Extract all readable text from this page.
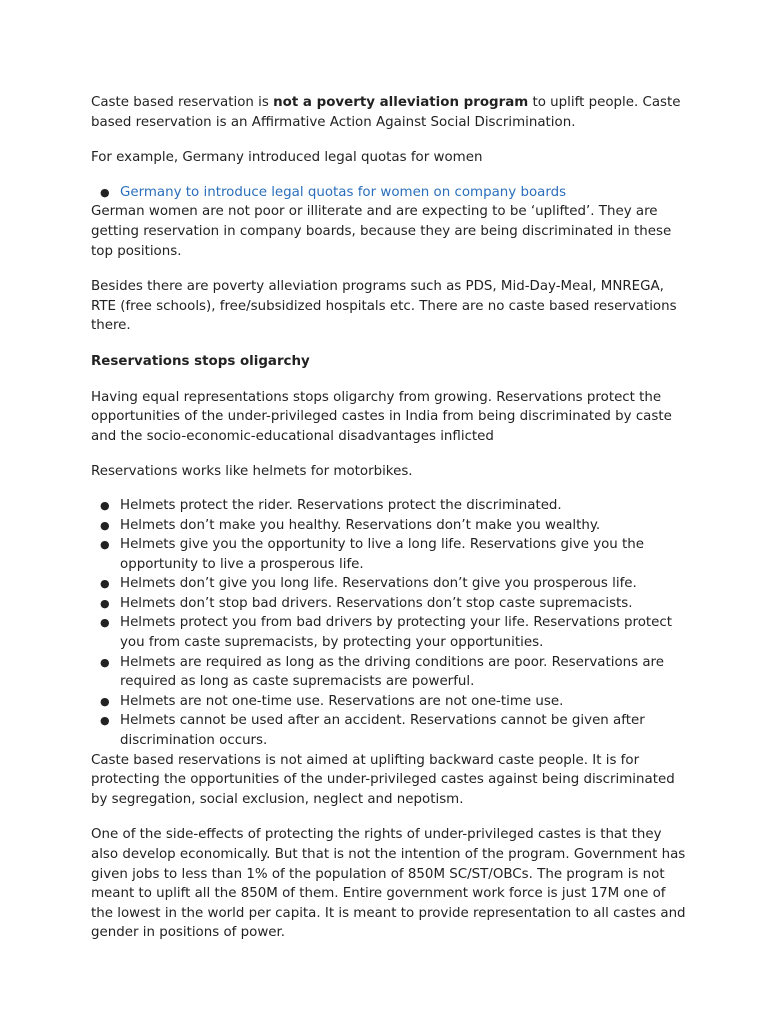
Caste based reservation is not a poverty alleviation program to uplift people. Caste based reservation is an Affirmative Action Against Social Discrimination.

For example, Germany introduced legal quotas for women

● Germany to introduce legal quotas for women on company boards

German women are not poor or illiterate and are expecting to be ‘uplifted’. They are getting reservation in company boards, because they are being discriminated in these top positions.

Besides there are poverty alleviation programs such as PDS, Mid-Day-Meal, MNREGA, RTE (free schools), free/subsidized hospitals etc. There are no caste based reservations there.

Reservations stops oligarchy

Having equal representations stops oligarchy from growing. Reservations protect the opportunities of the under-privileged castes in India from being discriminated by caste and the socio-economic-educational disadvantages inflicted

Reservations works like helmets for motorbikes.

● Helmets protect the rider. Reservations protect the discriminated.
● Helmets don’t make you healthy. Reservations don’t make you wealthy.
● Helmets give you the opportunity to live a long life. Reservations give you the opportunity to live a prosperous life.
● Helmets don’t give you long life. Reservations don’t give you prosperous life.
● Helmets don’t stop bad drivers. Reservations don’t stop caste supremacists.
● Helmets protect you from bad drivers by protecting your life. Reservations protect you from caste supremacists, by protecting your opportunities.
● Helmets are required as long as the driving conditions are poor. Reservations are required as long as caste supremacists are powerful.
● Helmets are not one-time use. Reservations are not one-time use.
● Helmets cannot be used after an accident. Reservations cannot be given after discrimination occurs.

Caste based reservations is not aimed at uplifting backward caste people. It is for protecting the opportunities of the under-privileged castes against being discriminated by segregation, social exclusion, neglect and nepotism.

One of the side-effects of protecting the rights of under-privileged castes is that they also develop economically. But that is not the intention of the program. Government has given jobs to less than 1% of the population of 850M SC/ST/OBCs. The program is not meant to uplift all the 850M of them. Entire government work force is just 17M one of the lowest in the world per capita. It is meant to provide representation to all castes and gender in positions of power.
